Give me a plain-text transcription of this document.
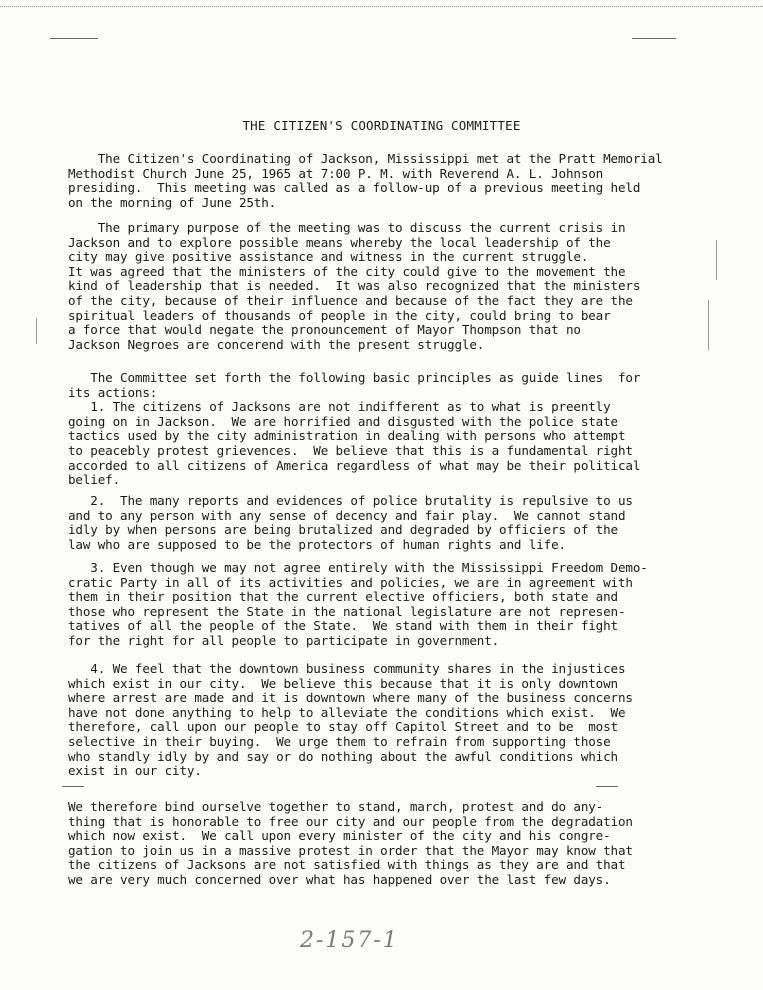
THE CITIZEN'S COORDINATING COMMITTEE
The Citizen's Coordinating of Jackson, Mississippi met at the Pratt Memorial
Methodist Church June 25, 1965 at 7:00 P. M. with Reverend A. L. Johnson
presiding.  This meeting was called as a follow-up of a previous meeting held
on the morning of June 25th.
The primary purpose of the meeting was to discuss the current crisis in
Jackson and to explore possible means whereby the local leadership of the
city may give positive assistance and witness in the current struggle.
It was agreed that the ministers of the city could give to the movement the
kind of leadership that is needed.  It was also recognized that the ministers
of the city, because of their influence and because of the fact they are the
spiritual leaders of thousands of people in the city, could bring to bear
a force that would negate the pronouncement of Mayor Thompson that no
Jackson Negroes are concerend with the present struggle.
The Committee set forth the following basic principles as guide lines  for
its actions:
1. The citizens of Jacksons are not indifferent as to what is preently
going on in Jackson.  We are horrified and disgusted with the police state
tactics used by the city administration in dealing with persons who attempt
to peacebly protest grievences.  We believe that this is a fundamental right
accorded to all citizens of America regardless of what may be their political
belief.
2.  The many reports and evidences of police brutality is repulsive to us
and to any person with any sense of decency and fair play.  We cannot stand
idly by when persons are being brutalized and degraded by officiers of the
law who are supposed to be the protectors of human rights and life.
3. Even though we may not agree entirely with the Mississippi Freedom Demo-
cratic Party in all of its activities and policies, we are in agreement with
them in their position that the current elective officiers, both state and
those who represent the State in the national legislature are not represen-
tatives of all the people of the State.  We stand with them in their fight
for the right for all people to participate in government.
4. We feel that the downtown business community shares in the injustices
which exist in our city.  We believe this because that it is only downtown
where arrest are made and it is downtown where many of the business concerns
have not done anything to help to alleviate the conditions which exist.  We
therefore, call upon our people to stay off Capitol Street and to be  most
selective in their buying.  We urge them to refrain from supporting those
who standly idly by and say or do nothing about the awful conditions which
exist in our city.
We therefore bind ourselve together to stand, march, protest and do any-
thing that is honorable to free our city and our people from the degradation
which now exist.  We call upon every minister of the city and his congre-
gation to join us in a massive protest in order that the Mayor may know that
the citizens of Jacksons are not satisfied with things as they are and that
we are very much concerned over what has happened over the last few days.
2-157-1
